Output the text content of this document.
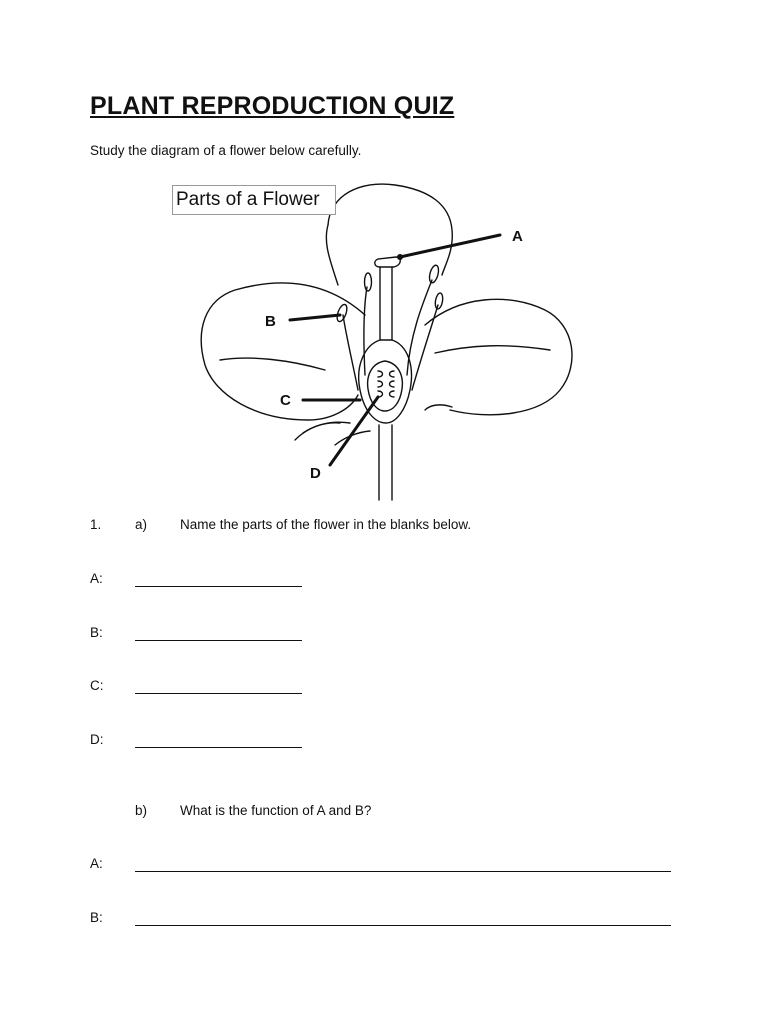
PLANT REPRODUCTION QUIZ

Study the diagram of a flower below carefully.

A
B
C
D
Parts of a Flower
1. a) Name the parts of the flower in the blanks below.
A:
B:
C:
D:
b) What is the function of A and B?
A:
B:
